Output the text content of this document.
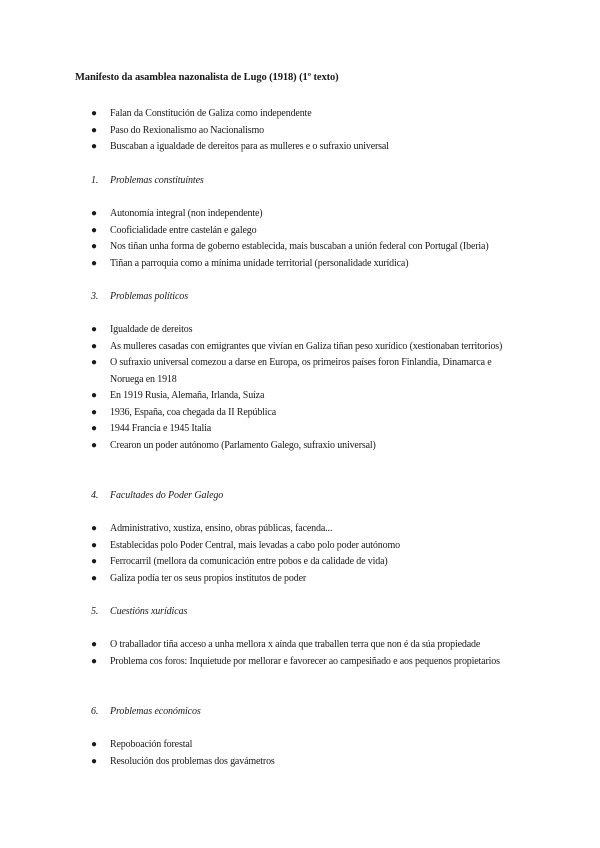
Manifesto da asamblea nazonalista de Lugo (1918) (1º texto)
● Falan da Constitución de Galiza como independente
● Paso do Rexionalismo ao Nacionalismo
● Buscaban a igualdade de dereitos para as mulleres e o sufraxio universal
1. Problemas constituíntes
● Autonomía integral (non independente)
● Cooficialidade entre castelán e galego
● Nos tiñan unha forma de goberno establecida, mais buscaban a unión federal con Portugal (Iberia)
● Tiñan a parroquia como a mínima unidade territorial (personalidade xurídica)
3. Problemas políticos
● Igualdade de dereitos
● As mulleres casadas con emigrantes que vivían en Galiza tiñan peso xurídico (xestionaban territorios)
● O sufraxio universal comezou a darse en Europa, os primeiros países foron Finlandia, Dinamarca e Noruega en 1918
● En 1919 Rusia, Alemaña, Irlanda, Suíza
● 1936, España, coa chegada da II República
● 1944 Francia e 1945 Italia
● Crearon un poder autónomo (Parlamento Galego, sufraxio universal)
4. Facultades do Poder Galego
● Administrativo, xustiza, ensino, obras públicas, facenda...
● Establecidas polo Poder Central, mais levadas a cabo polo poder autónomo
● Ferrocarril (mellora da comunicación entre pobos e da calidade de vida)
● Galiza podía ter os seus propios institutos de poder
5. Cuestións xurídicas
● O traballador tiña acceso a unha mellora x aínda que traballen terra que non é da súa propiedade
● Problema cos foros: Inquietude por mellorar e favorecer ao campesiñado e aos pequenos propietarios
6. Problemas económicos
● Repoboación forestal
● Resolución dos problemas dos gavámetros
